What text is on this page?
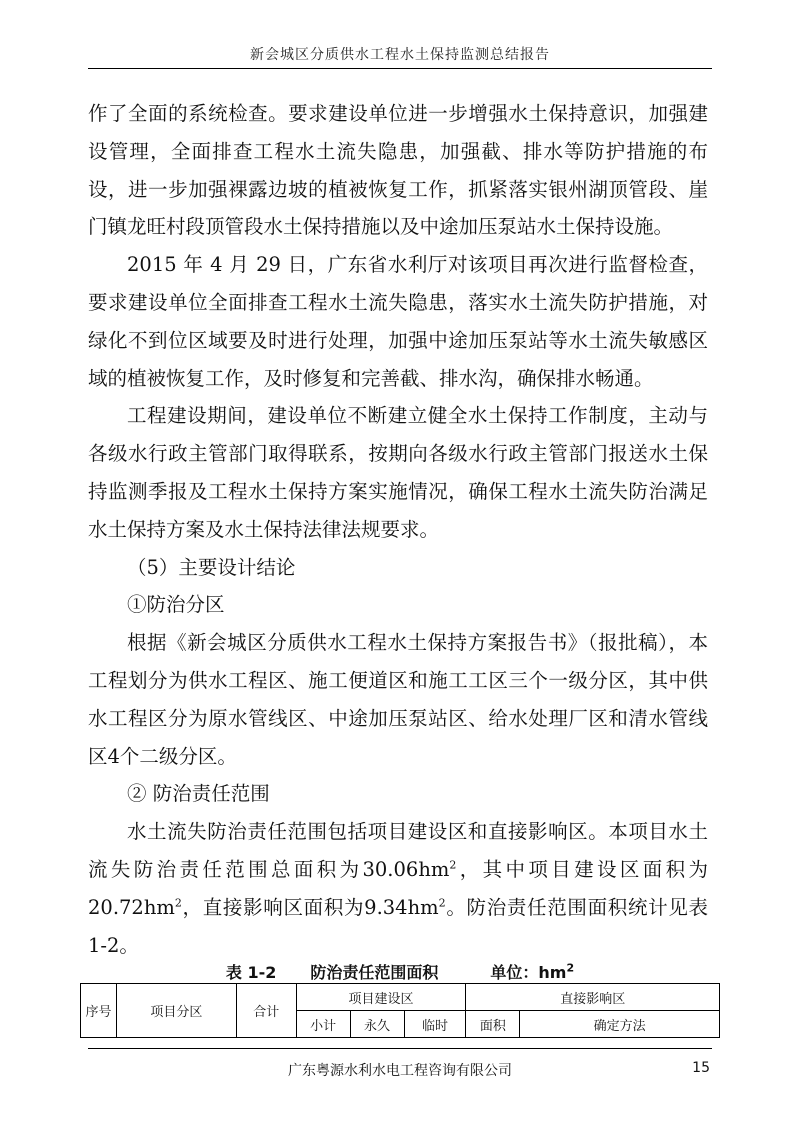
新会城区分质供水工程水土保持监测总结报告

作了全面的系统检查。要求建设单位进一步增强水土保持意识，加强建设管理，全面排查工程水土流失隐患，加强截、排水等防护措施的布设，进一步加强裸露边坡的植被恢复工作，抓紧落实银州湖顶管段、崖门镇龙旺村段顶管段水土保持措施以及中途加压泵站水土保持设施。

2015 年 4 月 29 日，广东省水利厅对该项目再次进行监督检查，要求建设单位全面排查工程水土流失隐患，落实水土流失防护措施，对绿化不到位区域要及时进行处理，加强中途加压泵站等水土流失敏感区域的植被恢复工作，及时修复和完善截、排水沟，确保排水畅通。

工程建设期间，建设单位不断建立健全水土保持工作制度，主动与各级水行政主管部门取得联系，按期向各级水行政主管部门报送水土保持监测季报及工程水土保持方案实施情况，确保工程水土流失防治满足水土保持方案及水土保持法律法规要求。

（5）主要设计结论

①防治分区

根据《新会城区分质供水工程水土保持方案报告书》（报批稿），本工程划分为供水工程区、施工便道区和施工工区三个一级分区，其中供水工程区分为原水管线区、中途加压泵站区、给水处理厂区和清水管线区4个二级分区。

② 防治责任范围

水土流失防治责任范围包括项目建设区和直接影响区。本项目水土流失防治责任范围总面积为$30.06hm^2$，其中项目建设区面积为$20.72hm^2$，直接影响区面积为$9.34hm^2$。防治责任范围面积统计见表1-2。

表 1-2 防治责任范围面积	单位：$hm^2$
序号	项目分区	合计	项目建设区			直接影响区	
			小计	永久	临时	面积	确定方法
广东粤源水利水电工程咨询有限公司	15
